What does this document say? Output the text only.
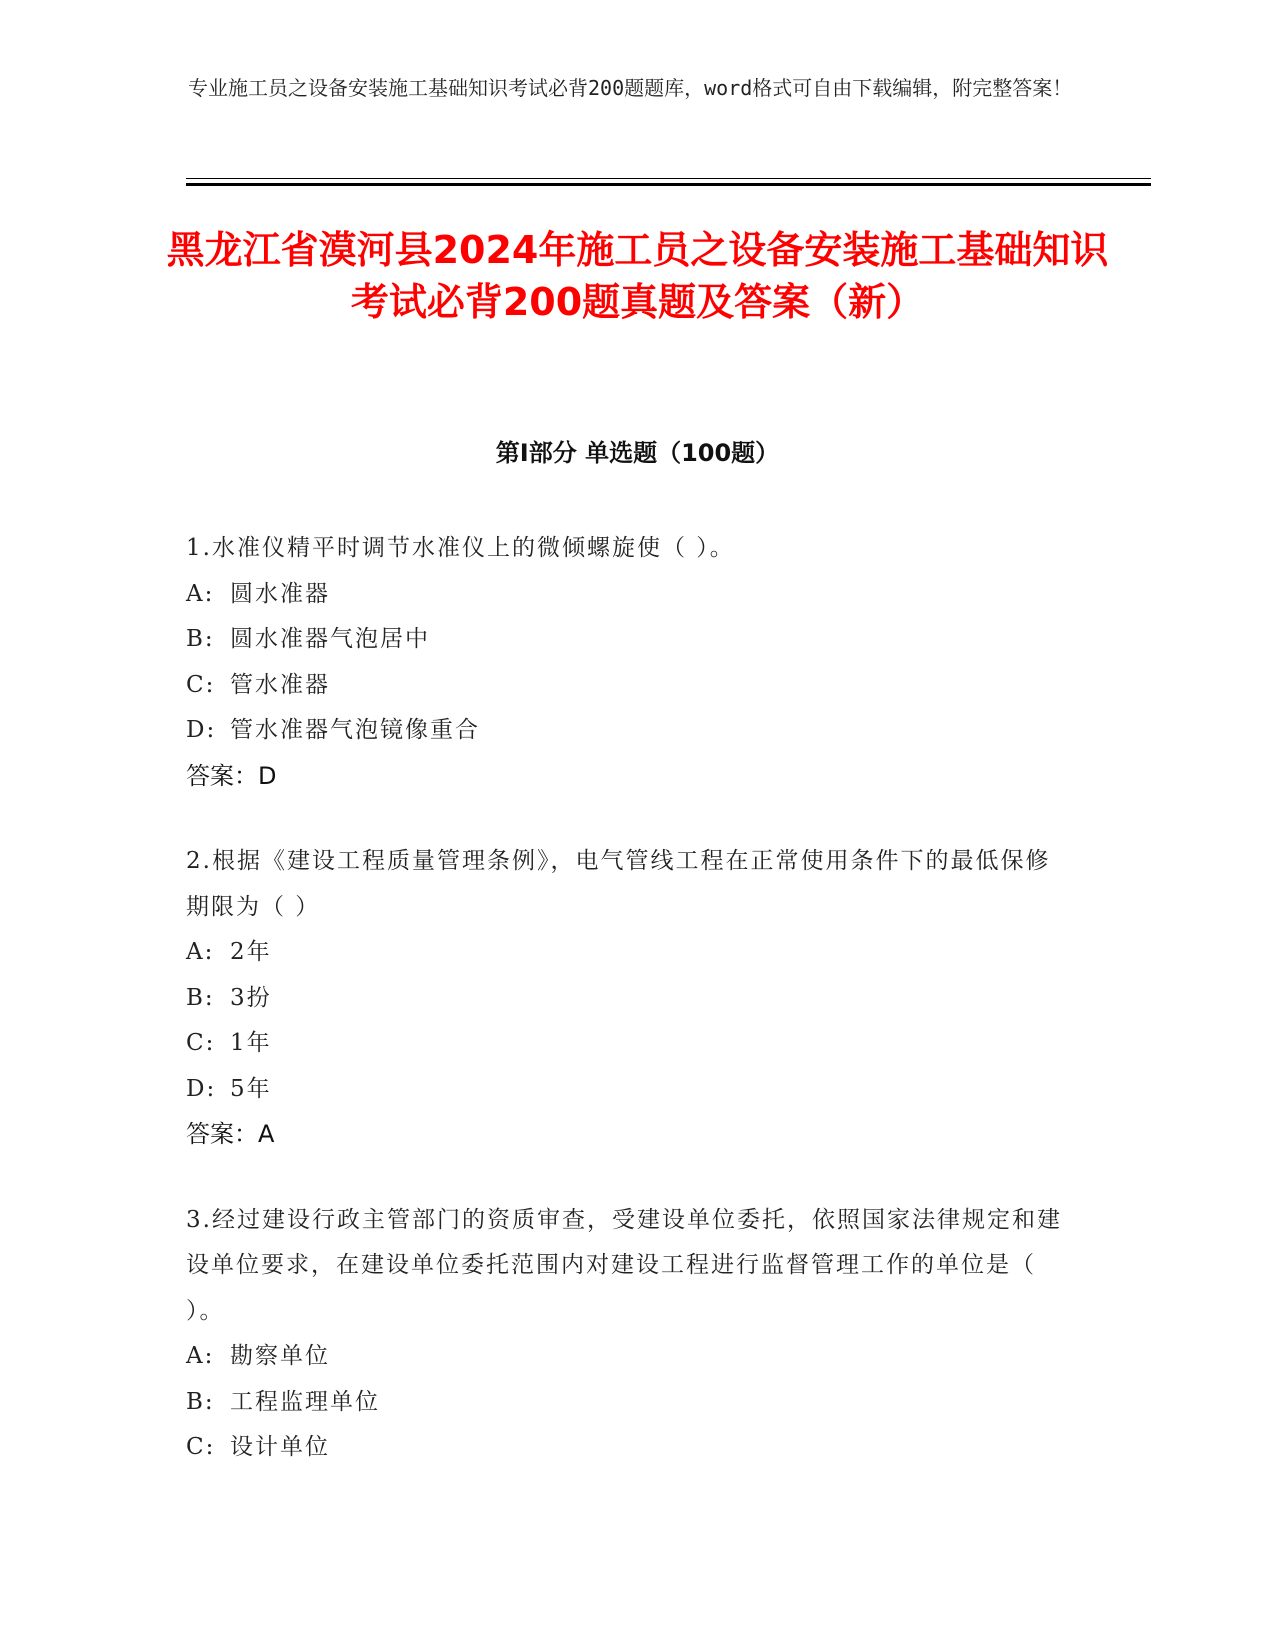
专业施工员之设备安装施工基础知识考试必背200题题库，word格式可自由下载编辑，附完整答案！
黑龙江省漠河县2024年施工员之设备安装施工基础知识考试必背200题真题及答案（新）
第I部分 单选题（100题）
1.水准仪精平时调节水准仪上的微倾螺旋使（ ）。
A: 圆水准器
B: 圆水准器气泡居中
C: 管水准器
D: 管水准器气泡镜像重合
答案：D
2.根据《建设工程质量管理条例》，电气管线工程在正常使用条件下的最低保修期限为（ ）
A: 2年
B: 3扮
C: 1年
D: 5年
答案：A
3.经过建设行政主管部门的资质审查，受建设单位委托，依照国家法律规定和建设单位要求，在建设单位委托范围内对建设工程进行监督管理工作的单位是（ ）。
A: 勘察单位
B: 工程监理单位
C: 设计单位
